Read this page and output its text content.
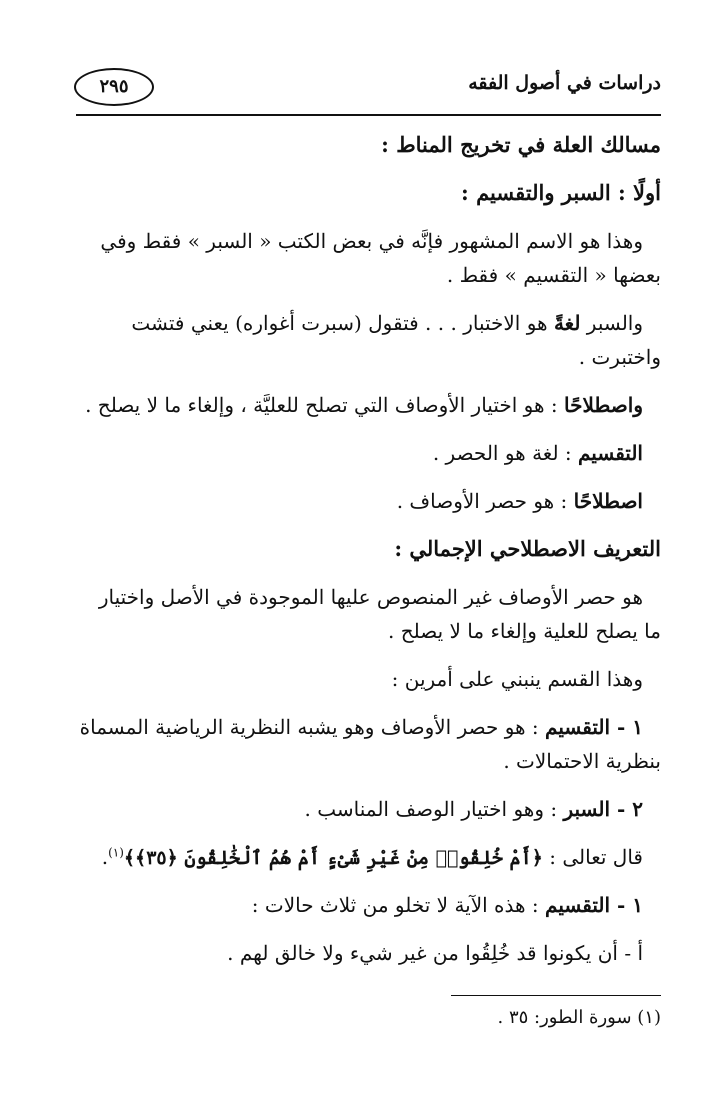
دراسات في أصول الفقه
٢٩٥
مسالك العلة في تخريج المناط :
أولًا : السبر والتقسيم :
وهذا هو الاسم المشهور فإنَّه في بعض الكتب « السبر » فقط وفي
بعضها « التقسيم » فقط .
والسبر لغةً هو الاختبار . . . فتقول (سبرت أغواره) يعني فتشت
واختبرت .
واصطلاحًا : هو اختيار الأوصاف التي تصلح للعليَّة ، وإلغاء ما لا يصلح .
التقسيم : لغة هو الحصر .
اصطلاحًا : هو حصر الأوصاف .
التعريف الاصطلاحي الإجمالي :
هو حصر الأوصاف غير المنصوص عليها الموجودة في الأصل واختيار
ما يصلح للعلية وإلغاء ما لا يصلح .
وهذا القسم ينبني على أمرين :
١ - التقسيم : هو حصر الأوصاف وهو يشبه النظرية الرياضية المسماة
بنظرية الاحتمالات .
٢ - السبر : وهو اختيار الوصف المناسب .
قال تعالى : ﴿أَمْ خُلِقُوا۟ مِنْ غَيْرِ شَىْءٍ أَمْ هُمُ ٱلْخَٰلِقُونَ ﴿٣٥﴾﴾$^{(١)}$.
١ - التقسيم : هذه الآية لا تخلو من ثلاث حالات :
أ - أن يكونوا قد خُلِقُوا من غير شيء ولا خالق لهم .
(١) سورة الطور: ٣٥ .
